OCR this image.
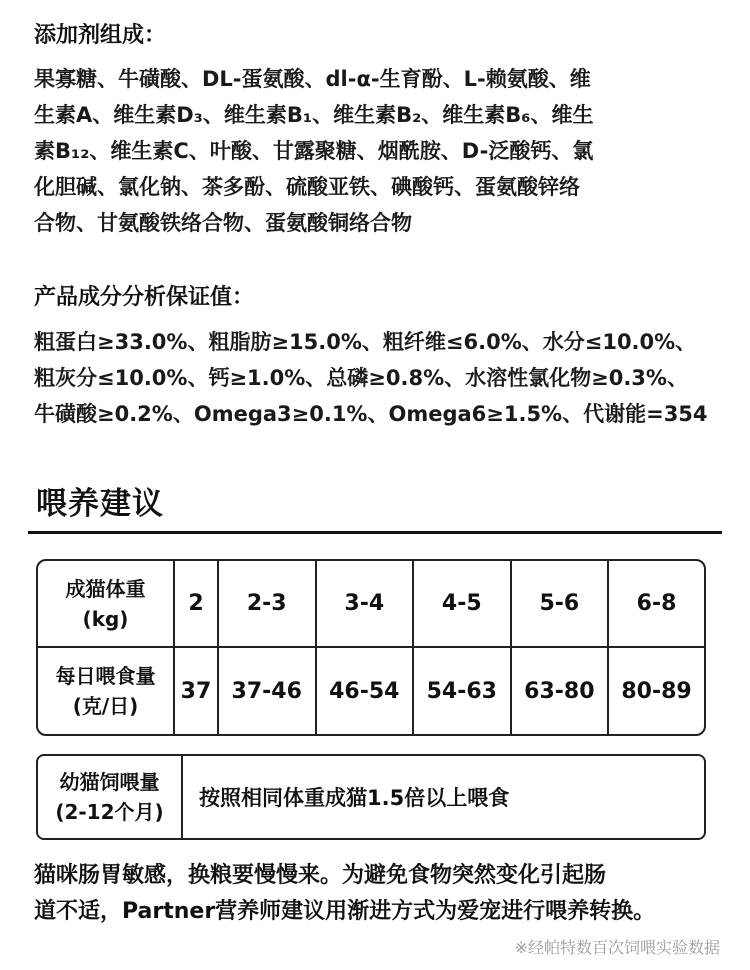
添加剂组成：
果寡糖、牛磺酸、DL-蛋氨酸、dl-α-生育酚、L-赖氨酸、维
生素A、维生素D₃、维生素B₁、维生素B₂、维生素B₆、维生
素B₁₂、维生素C、叶酸、甘露聚糖、烟酰胺、D-泛酸钙、氯
化胆碱、氯化钠、茶多酚、硫酸亚铁、碘酸钙、蛋氨酸锌络
合物、甘氨酸铁络合物、蛋氨酸铜络合物
产品成分分析保证值：
粗蛋白≥33.0%、粗脂肪≥15.0%、粗纤维≤6.0%、水分≤10.0%、
粗灰分≤10.0%、钙≥1.0%、总磷≥0.8%、水溶性氯化物≥0.3%、
牛磺酸≥0.2%、Omega3≥0.1%、Omega6≥1.5%、代谢能=354
喂养建议
成猫体重
(kg)	2	2-3	3-4	4-5	5-6	6-8

每日喂食量
(克/日)	37	37-46	46-54	54-63	63-80	80-89
幼猫饲喂量
(2-12个月)
按照相同体重成猫1.5倍以上喂食
猫咪肠胃敏感，换粮要慢慢来。为避免食物突然变化引起肠
道不适，Partner营养师建议用渐进方式为爱宠进行喂养转换。
※经帕特数百次饲喂实验数据
